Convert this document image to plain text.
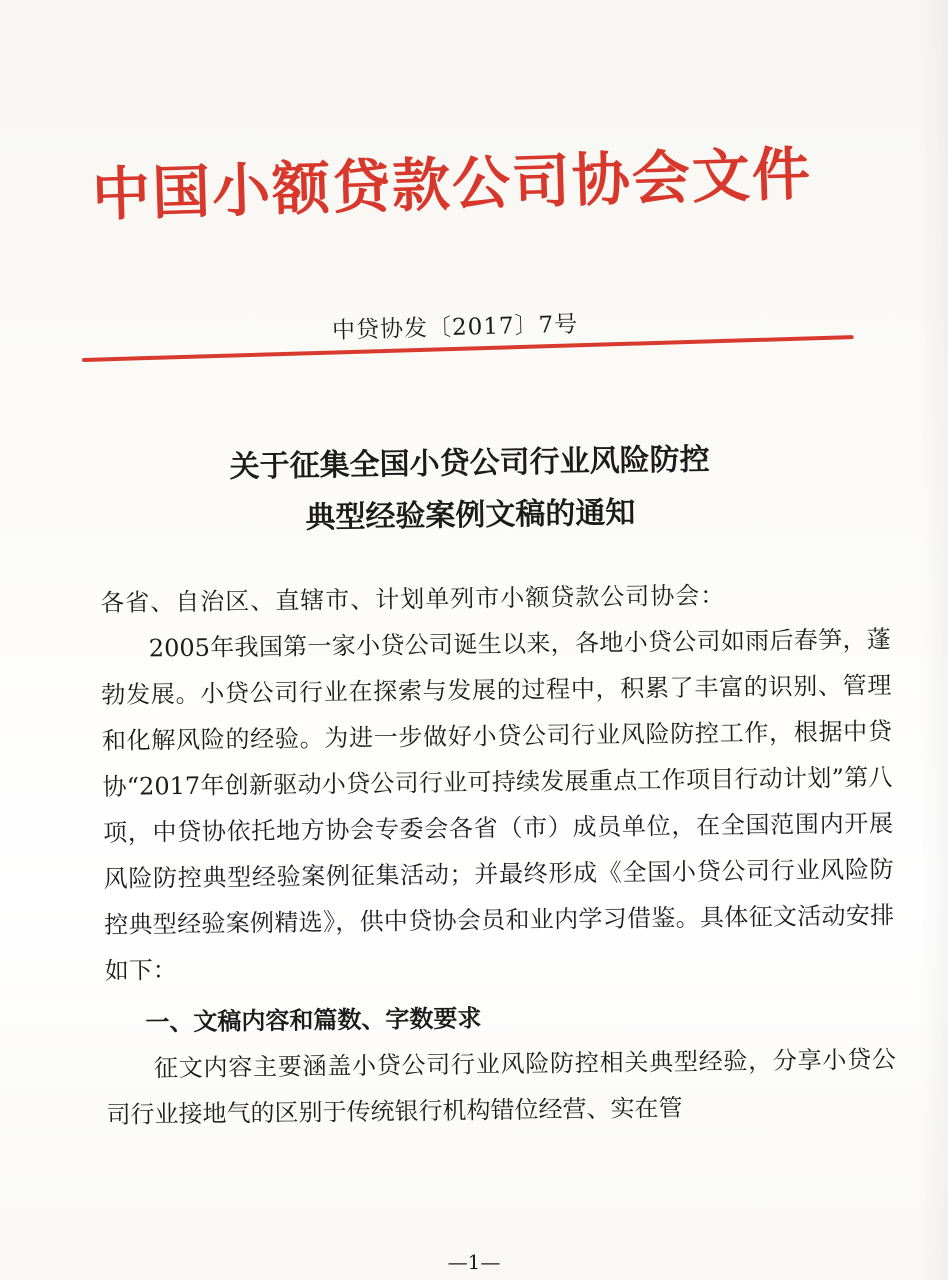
中国小额贷款公司协会文件
中贷协发〔2017〕7号
关于征集全国小贷公司行业风险防控
典型经验案例文稿的通知

各省、自治区、直辖市、计划单列市小额贷款公司协会：

2005年我国第一家小贷公司诞生以来，各地小贷公司如雨后春笋，蓬勃发展。小贷公司行业在探索与发展的过程中，积累了丰富的识别、管理和化解风险的经验。为进一步做好小贷公司行业风险防控工作，根据中贷协“2017年创新驱动小贷公司行业可持续发展重点工作项目行动计划”第八项，中贷协依托地方协会专委会各省（市）成员单位，在全国范围内开展风险防控典型经验案例征集活动；并最终形成《全国小贷公司行业风险防控典型经验案例精选》，供中贷协会员和业内学习借鉴。具体征文活动安排如下：

一、文稿内容和篇数、字数要求

征文内容主要涵盖小贷公司行业风险防控相关典型经验，分享小贷公司行业接地气的区别于传统银行机构错位经营、实在管

—1—
